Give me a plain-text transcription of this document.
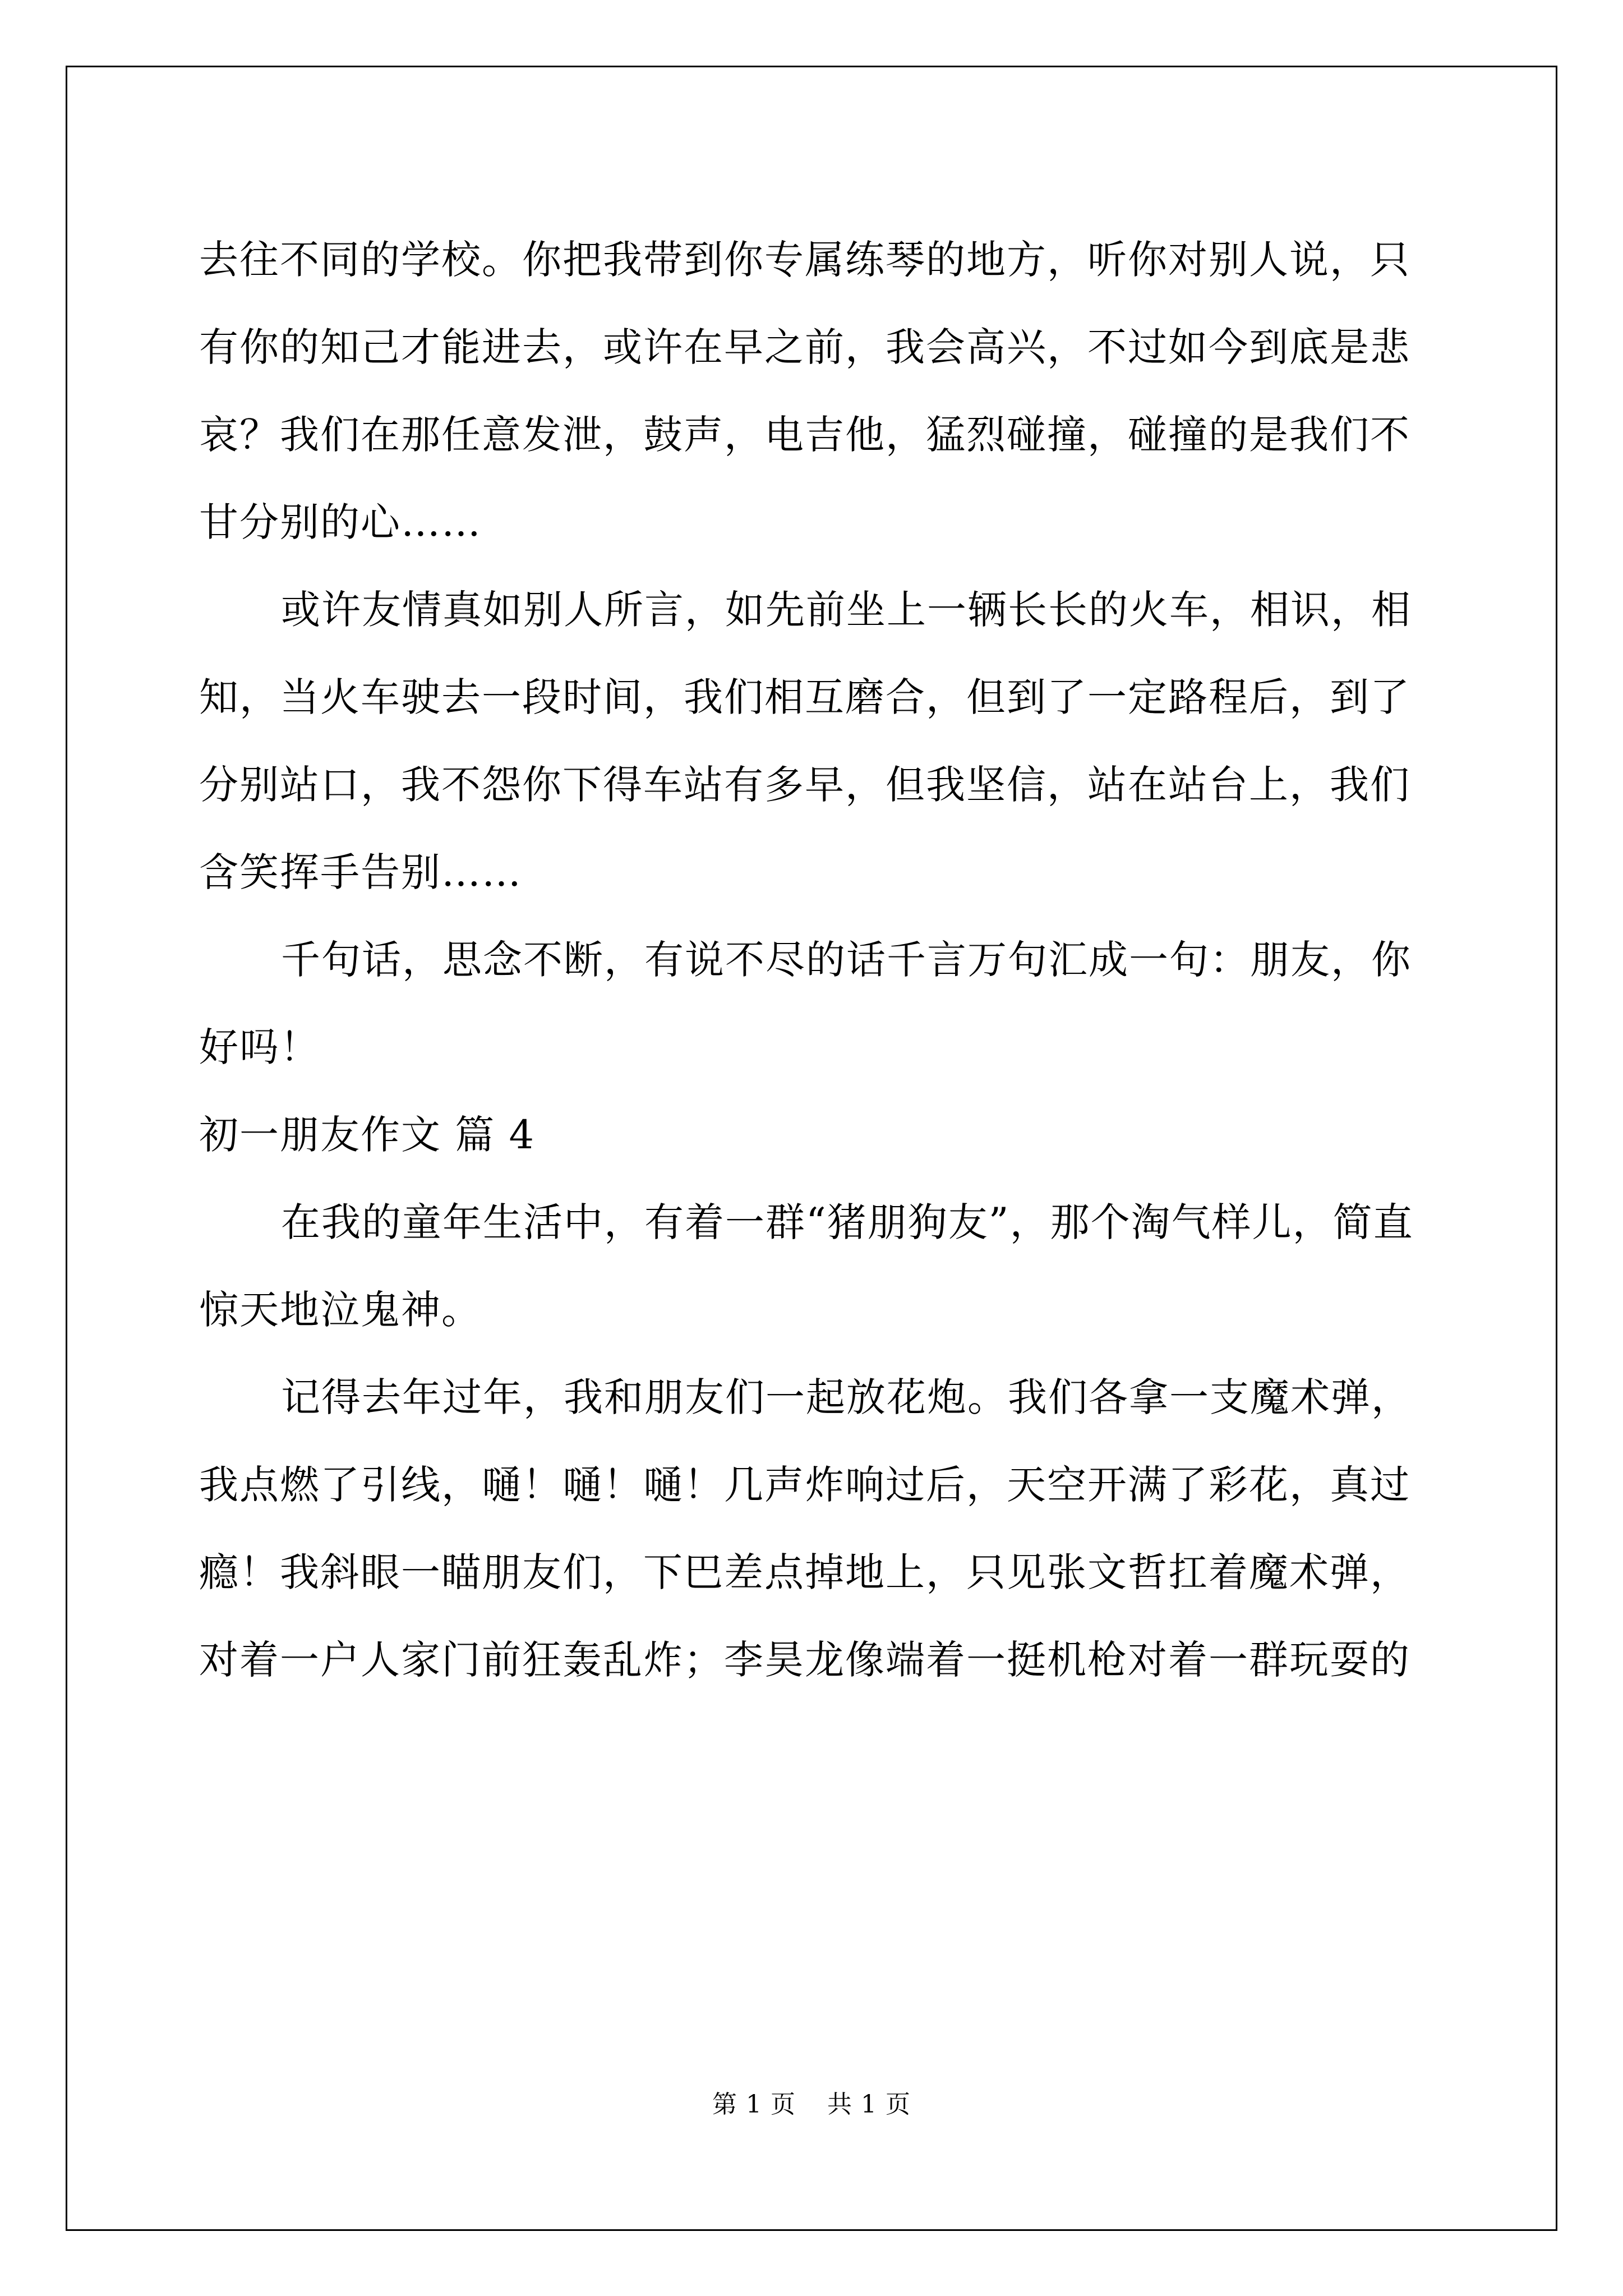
去往不同的学校。你把我带到你专属练琴的地方，听你对别人说，只

有你的知己才能进去，或许在早之前，我会高兴，不过如今到底是悲

哀？我们在那任意发泄，鼓声，电吉他，猛烈碰撞，碰撞的是我们不

甘分别的心……

或许友情真如别人所言，如先前坐上一辆长长的火车，相识，相

知，当火车驶去一段时间，我们相互磨合，但到了一定路程后，到了

分别站口，我不怨你下得车站有多早，但我坚信，站在站台上，我们

含笑挥手告别……

千句话，思念不断，有说不尽的话千言万句汇成一句：朋友，你

好吗！

初一朋友作文 篇 4

在我的童年生活中，有着一群“猪朋狗友”，那个淘气样儿，简直

惊天地泣鬼神。

记得去年过年，我和朋友们一起放花炮。我们各拿一支魔术弹，

我点燃了引线，嗵！嗵！嗵！几声炸响过后，天空开满了彩花，真过

瘾！我斜眼一瞄朋友们，下巴差点掉地上，只见张文哲扛着魔术弹，

对着一户人家门前狂轰乱炸；李昊龙像端着一挺机枪对着一群玩耍的

第 1 页 共 1 页
